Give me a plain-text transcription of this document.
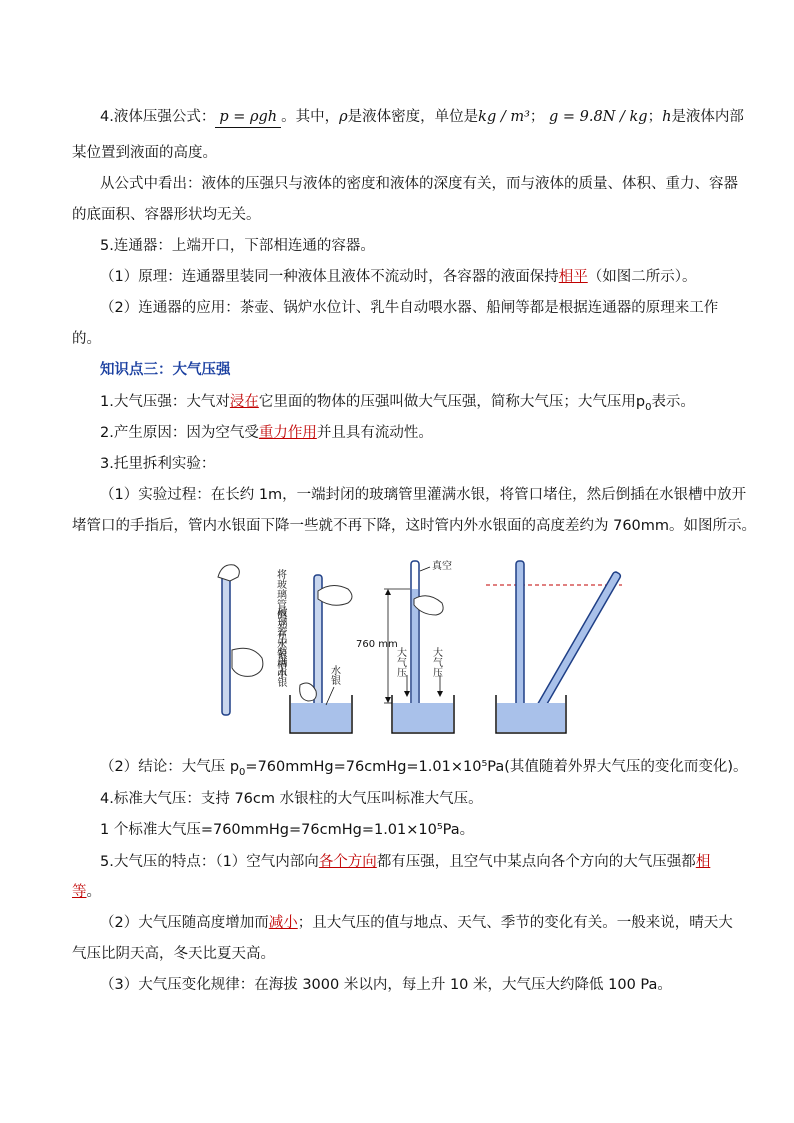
4.液体压强公式： p = ρgh 。其中，ρ是液体密度，单位是kg / m³； g = 9.8N / kg；h是液体内部
某位置到液面的高度。
从公式中看出：液体的压强只与液体的密度和液体的深度有关，而与液体的质量、体积、重力、容器
的底面积、容器形状均无关。
5.连通器：上端开口，下部相连通的容器。
（1）原理：连通器里装同一种液体且液体不流动时，各容器的液面保持相平（如图二所示）。
（2）连通器的应用：茶壶、锅炉水位计、乳牛自动喂水器、船闸等都是根据连通器的原理来工作
的。
知识点三：大气压强
1.大气压强：大气对浸在它里面的物体的压强叫做大气压强，简称大气压；大气压用$p_0$表示。
2.产生原因：因为空气受重力作用并且具有流动性。
3.托里拆利实验：
（1）实验过程：在长约 1m，一端封闭的玻璃管里灌满水银，将管口堵住，然后倒插在水银槽中放开
堵管口的手指后，管内水银面下降一些就不再下降，这时管内外水银面的高度差约为 760mm。如图所示。
玻璃管中装满水银
水银
将玻璃管倒立在水银槽中
真空
760 mm
大气压	大气压
（2）结论：大气压 $p_0=760mmHg=76cmHg=1.01\times 10^5Pa$(其值随着外界大气压的变化而变化)。
4.标准大气压：支持 76cm 水银柱的大气压叫标准大气压。
1 个标准大气压=760mmHg=76cmHg=1.01×10⁵Pa。
5.大气压的特点：（1）空气内部向各个方向都有压强，且空气中某点向各个方向的大气压强都相
等。
（2）大气压随高度增加而减小；且大气压的值与地点、天气、季节的变化有关。一般来说，晴天大
气压比阴天高，冬天比夏天高。
（3）大气压变化规律：在海拔 3000 米以内，每上升 10 米，大气压大约降低 100 Pa。
